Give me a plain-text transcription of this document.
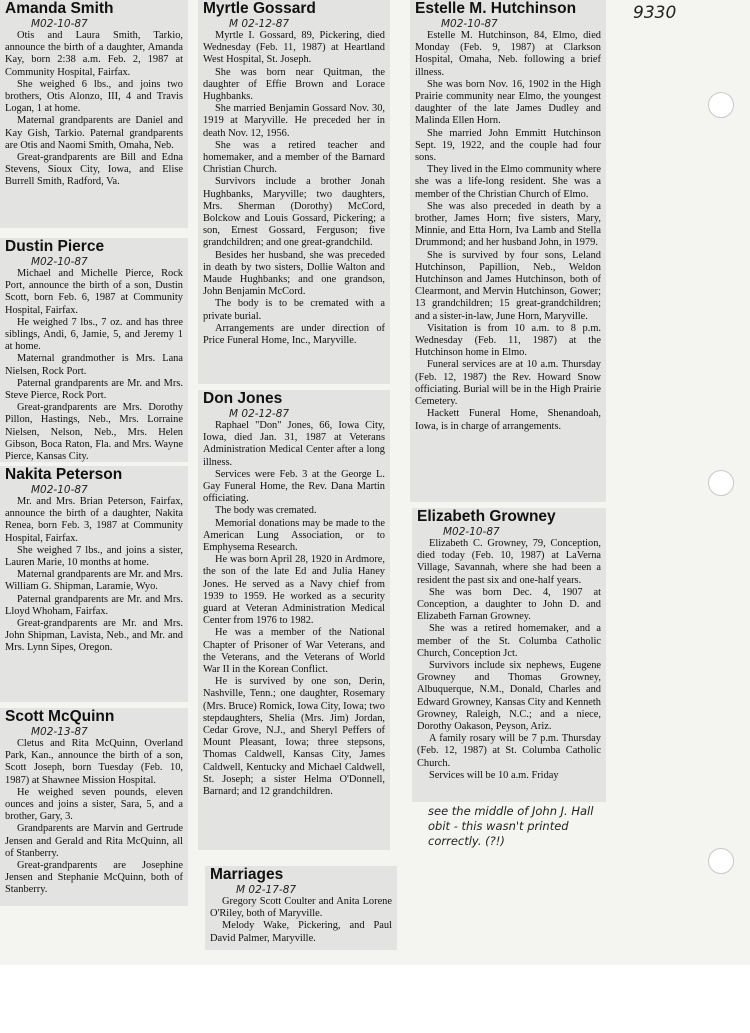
9330
Amanda Smith
M02-10-87

Otis and Laura Smith, Tarkio, announce the birth of a daughter, Amanda Kay, born 2:38 a.m. Feb. 2, 1987 at Community Hospital, Fairfax.

She weighed 6 lbs., and joins two brothers, Otis Alonzo, III, 4 and Travis Logan, 1 at home.

Maternal grandparents are Daniel and Kay Gish, Tarkio. Paternal grandparents are Otis and Naomi Smith, Omaha, Neb.

Great-grandparents are Bill and Edna Stevens, Sioux City, Iowa, and Elise Burrell Smith, Radford, Va.

Dustin Pierce
M02-10-87

Michael and Michelle Pierce, Rock Port, announce the birth of a son, Dustin Scott, born Feb. 6, 1987 at Community Hospital, Fairfax.

He weighed 7 lbs., 7 oz. and has three siblings, Andi, 6, Jamie, 5, and Jeremy 1 at home.

Maternal grandmother is Mrs. Lana Nielsen, Rock Port.

Paternal grandparents are Mr. and Mrs. Steve Pierce, Rock Port.

Great-grandparents are Mrs. Dorothy Pillon, Hastings, Neb., Mrs. Lorraine Nielsen, Nelson, Neb., Mrs. Helen Gibson, Boca Raton, Fla. and Mrs. Wayne Pierce, Kansas City.

Nakita Peterson
M02-10-87

Mr. and Mrs. Brian Peterson, Fairfax, announce the birth of a daughter, Nakita Renea, born Feb. 3, 1987 at Community Hospital, Fairfax.

She weighed 7 lbs., and joins a sister, Lauren Marie, 10 months at home.

Maternal grandparents are Mr. and Mrs. William G. Shipman, Laramie, Wyo.

Paternal grandparents are Mr. and Mrs. Lloyd Whoham, Fairfax.

Great-grandparents are Mr. and Mrs. John Shipman, Lavista, Neb., and Mr. and Mrs. Lynn Sipes, Oregon.

Scott McQuinn
M02-13-87

Cletus and Rita McQuinn, Overland Park, Kan., announce the birth of a son, Scott Joseph, born Tuesday (Feb. 10, 1987) at Shawnee Mission Hospital.

He weighed seven pounds, eleven ounces and joins a sister, Sara, 5, and a brother, Gary, 3.

Grandparents are Marvin and Gertrude Jensen and Gerald and Rita McQuinn, all of Stanberry.

Great-grandparents are Josephine Jensen and Stephanie McQuinn, both of Stanberry.

Myrtle Gossard
M 02-12-87

Myrtle I. Gossard, 89, Pickering, died Wednesday (Feb. 11, 1987) at Heartland West Hospital, St. Joseph.

She was born near Quitman, the daughter of Effie Brown and Lorace Hughbanks.

She married Benjamin Gossard Nov. 30, 1919 at Maryville. He preceded her in death Nov. 12, 1956.

She was a retired teacher and homemaker, and a member of the Barnard Christian Church.

Survivors include a brother Jonah Hughbanks, Maryville; two daughters, Mrs. Sherman (Dorothy) McCord, Bolckow and Louis Gossard, Pickering; a son, Ernest Gossard, Ferguson; five grandchildren; and one great-grandchild.

Besides her husband, she was preceded in death by two sisters, Dollie Walton and Maude Hughbanks; and one grandson, John Benjamin McCord.

The body is to be cremated with a private burial.

Arrangements are under direction of Price Funeral Home, Inc., Maryville.

Don Jones
M 02-12-87

Raphael "Don" Jones, 66, Iowa City, Iowa, died Jan. 31, 1987 at Veterans Administration Medical Center after a long illness.

Services were Feb. 3 at the George L. Gay Funeral Home, the Rev. Dana Martin officiating.

The body was cremated.

Memorial donations may be made to the American Lung Association, or to Emphysema Research.

He was born April 28, 1920 in Ardmore, the son of the late Ed and Julia Haney Jones. He served as a Navy chief from 1939 to 1959. He worked as a security guard at Veteran Administration Medical Center from 1976 to 1982.

He was a member of the National Chapter of Prisoner of War Veterans, and the Veterans, and the Veterans of World War II in the Korean Conflict.

He is survived by one son, Derin, Nashville, Tenn.; one daughter, Rosemary (Mrs. Bruce) Romick, Iowa City, Iowa; two stepdaughters, Shelia (Mrs. Jim) Jordan, Cedar Grove, N.J., and Sheryl Peffers of Mount Pleasant, Iowa; three stepsons, Thomas Caldwell, Kansas City, James Caldwell, Kentucky and Michael Caldwell, St. Joseph; a sister Helma O'Donnell, Barnard; and 12 grandchildren.

Marriages
M 02-17-87

Gregory Scott Coulter and Anita Lorene O'Riley, both of Maryville.

Melody Wake, Pickering, and Paul David Palmer, Maryville.

Estelle M. Hutchinson
M02-10-87

Estelle M. Hutchinson, 84, Elmo, died Monday (Feb. 9, 1987) at Clarkson Hospital, Omaha, Neb. following a brief illness.

She was born Nov. 16, 1902 in the High Prairie community near Elmo, the youngest daughter of the late James Dudley and Malinda Ellen Horn.

She married John Emmitt Hutchinson Sept. 19, 1922, and the couple had four sons.

They lived in the Elmo community where she was a life-long resident. She was a member of the Christian Church of Elmo.

She was also preceded in death by a brother, James Horn; five sisters, Mary, Minnie, and Etta Horn, Iva Lamb and Stella Drummond; and her husband John, in 1979.

She is survived by four sons, Leland Hutchinson, Papillion, Neb., Weldon Hutchinson and James Hutchinson, both of Clearmont, and Mervin Hutchinson, Gower; 13 grandchildren; 15 great-grandchildren; and a sister-in-law, June Horn, Maryville.

Visitation is from 10 a.m. to 8 p.m. Wednesday (Feb. 11, 1987) at the Hutchinson home in Elmo.

Funeral services are at 10 a.m. Thursday (Feb. 12, 1987) the Rev. Howard Snow officiating. Burial will be in the High Prairie Cemetery.

Hackett Funeral Home, Shenandoah, Iowa, is in charge of arrangements.

Elizabeth Growney
M02-10-87

Elizabeth C. Growney, 79, Conception, died today (Feb. 10, 1987) at LaVerna Village, Savannah, where she had been a resident the past six and one-half years.

She was born Dec. 4, 1907 at Conception, a daughter to John D. and Elizabeth Farnan Growney.

She was a retired homemaker, and a member of the St. Columba Catholic Church, Conception Jct.

Survivors include six nephews, Eugene Growney and Thomas Growney, Albuquerque, N.M., Donald, Charles and Edward Growney, Kansas City and Kenneth Growney, Raleigh, N.C.; and a niece, Dorothy Oakason, Peyson, Ariz.

A family rosary will be 7 p.m. Thursday (Feb. 12, 1987) at St. Columba Catholic Church.

Services will be 10 a.m. Friday

see the middle of John J. Hall obit - this wasn't printed correctly. (?!)
